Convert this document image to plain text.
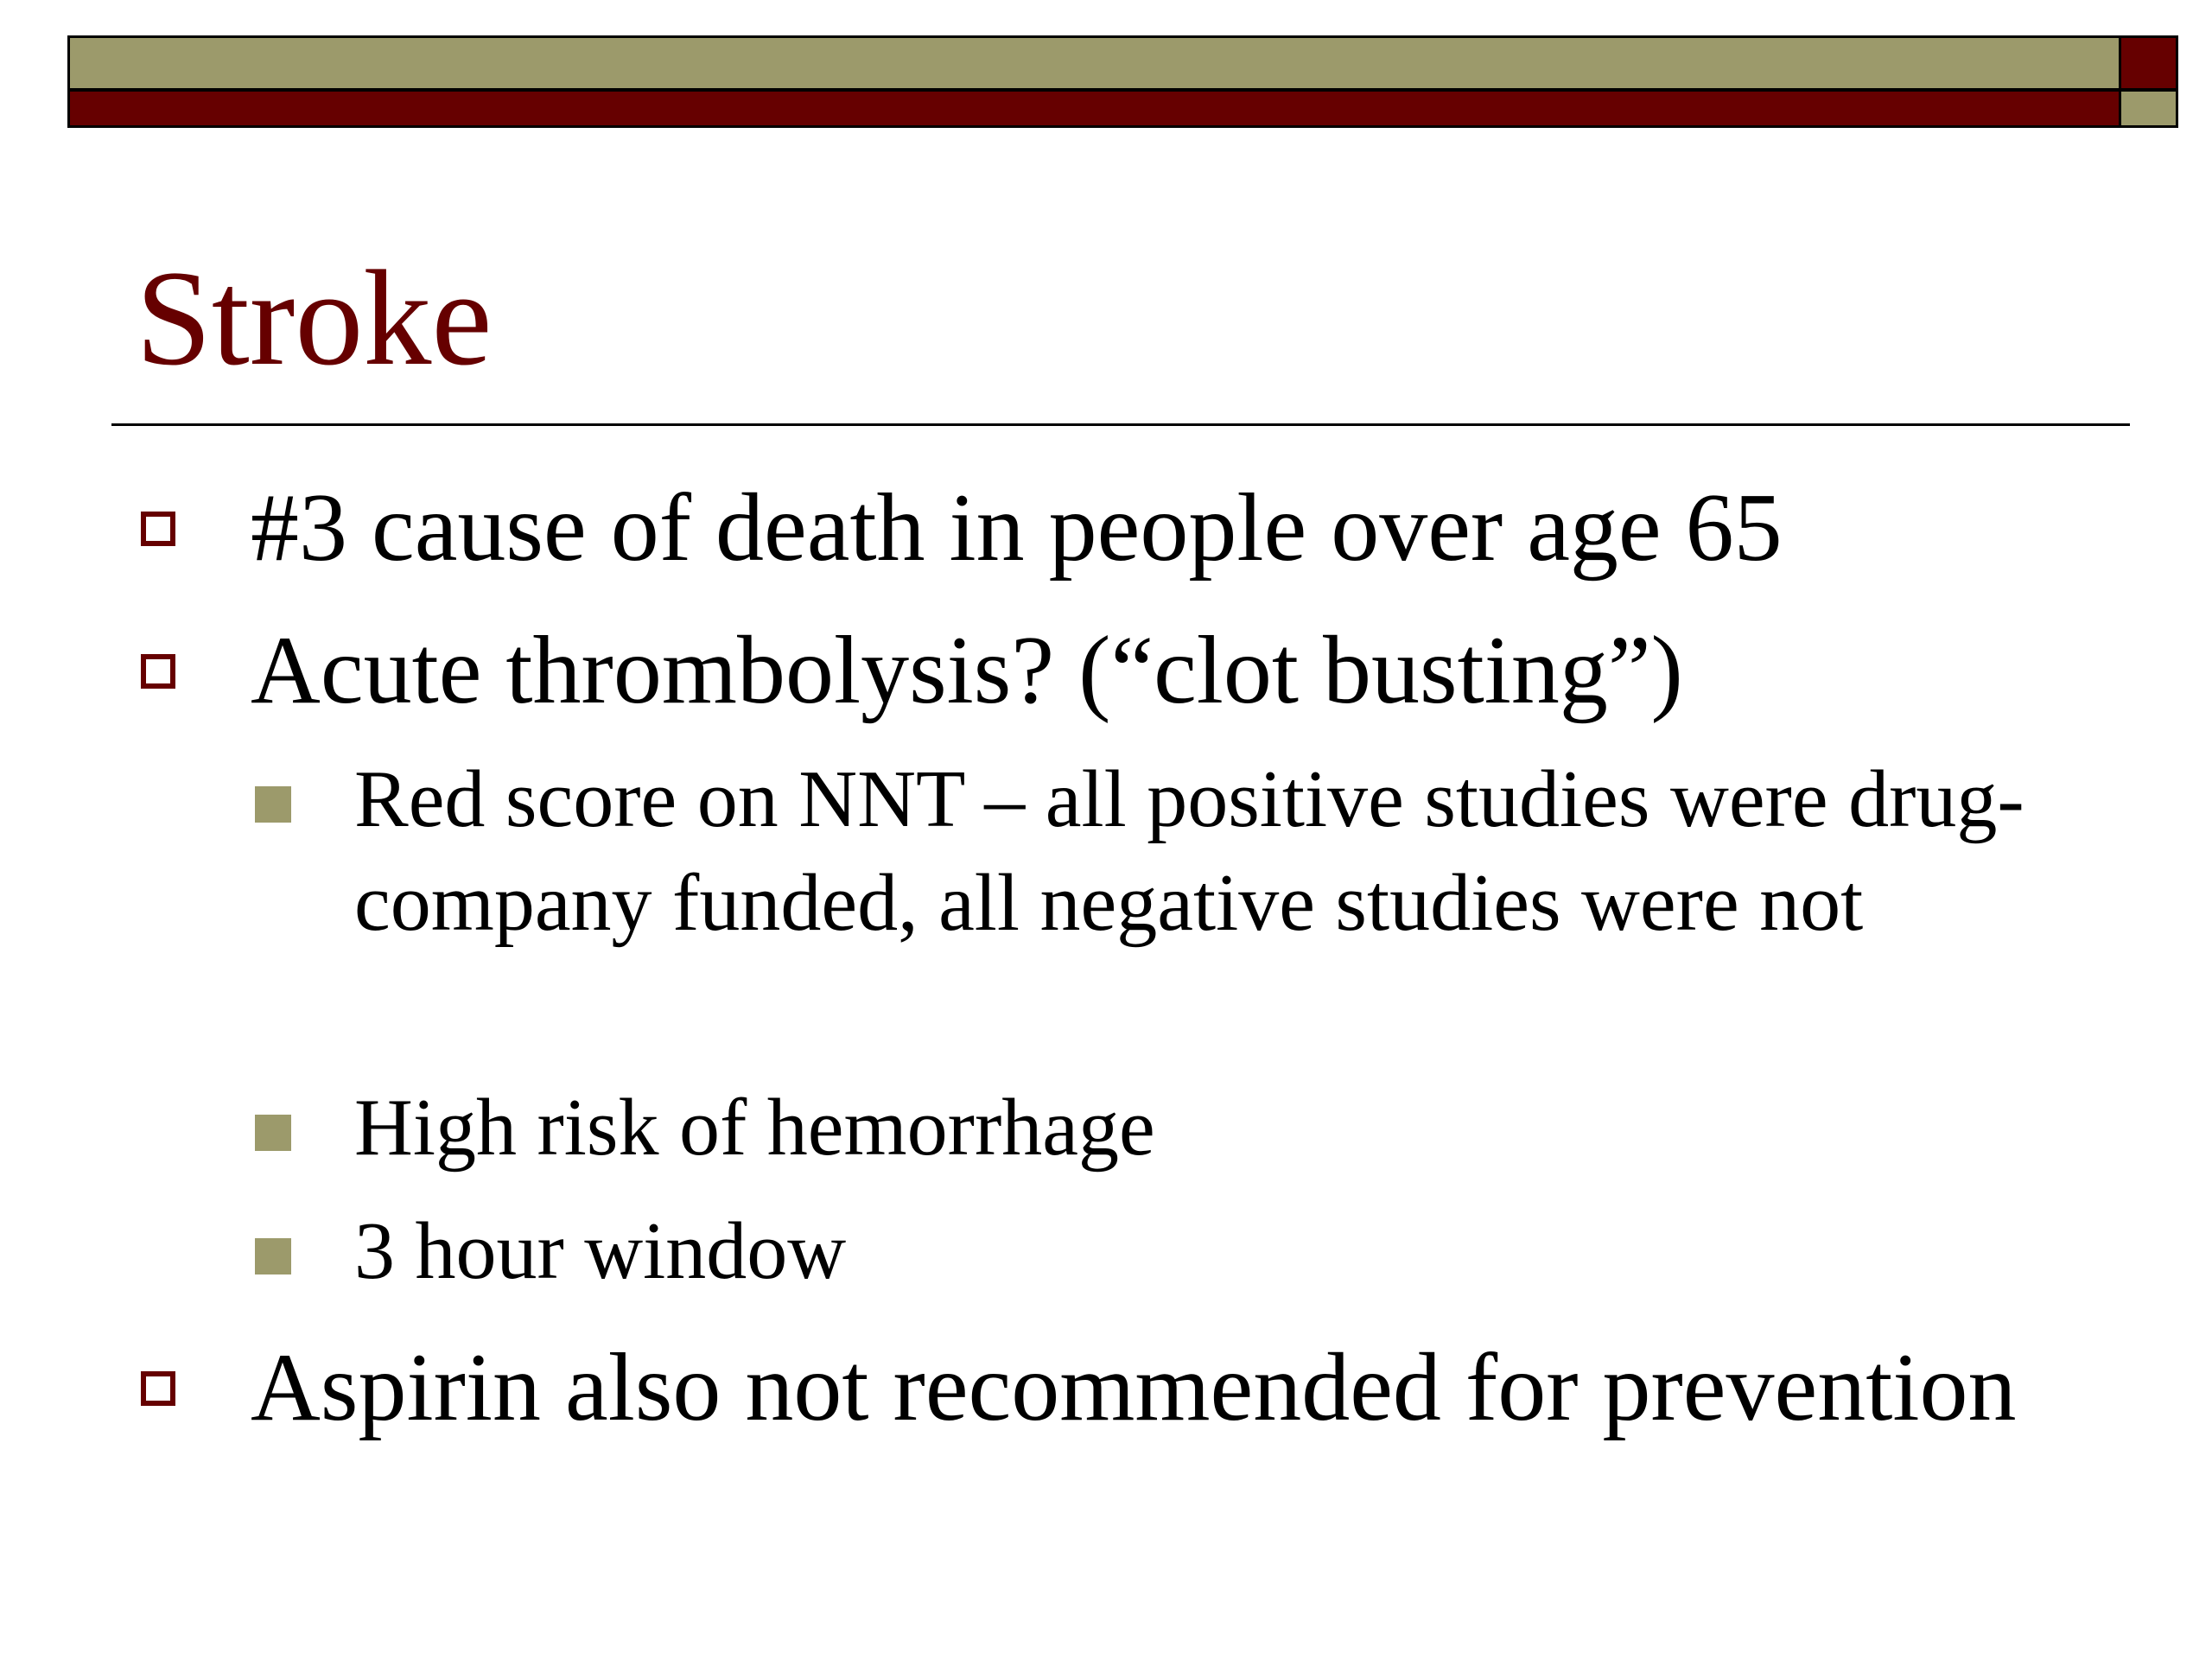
Stroke
#3 cause of death in people over age 65
Acute thrombolysis? (“clot busting”)
Red score on NNT – all positive studies were drug-company funded, all negative studies were not
High risk of hemorrhage
3 hour window
Aspirin also not recommended for prevention
